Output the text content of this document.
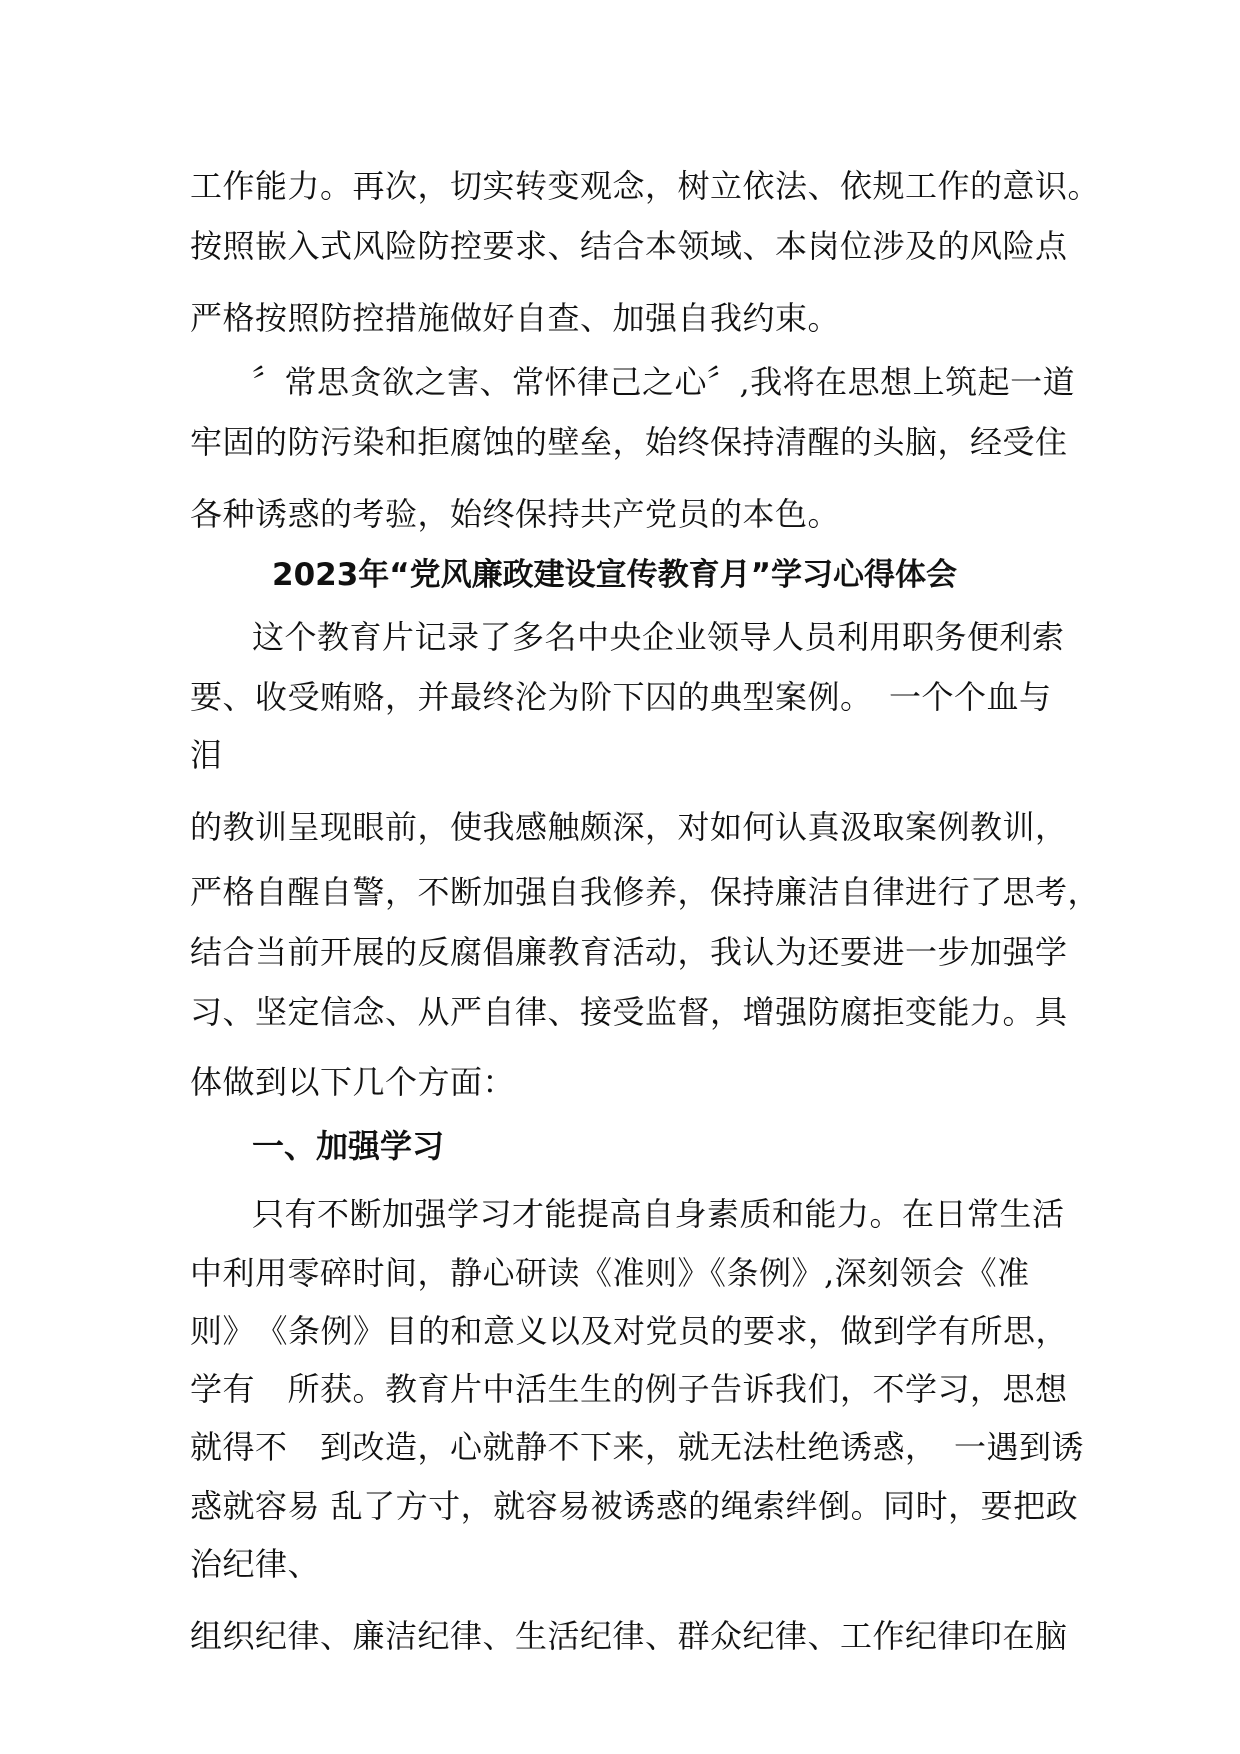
工作能力。再次，切实转变观念，树立依法、依规工作的意识。
按照嵌入式风险防控要求、结合本领域、本岗位涉及的风险点
严格按照防控措施做好自查、加强自我约束。
〞常思贪欲之害、常怀律己之心〞,我将在思想上筑起一道
牢固的防污染和拒腐蚀的壁垒，始终保持清醒的头脑，经受住
各种诱惑的考验，始终保持共产党员的本色。
2023年“党风廉政建设宣传教育月”学习心得体会
这个教育片记录了多名中央企业领导人员利用职务便利索
要、收受贿赂，并最终沦为阶下囚的典型案例。　一个个血与
泪
的教训呈现眼前，使我感触颇深，对如何认真汲取案例教训，
严格自醒自警，不断加强自我修养，保持廉洁自律进行了思考，
结合当前开展的反腐倡廉教育活动，我认为还要进一步加强学
习、坚定信念、从严自律、接受监督，增强防腐拒变能力。具
体做到以下几个方面：
一、加强学习
只有不断加强学习才能提高自身素质和能力。在日常生活
中利用零碎时间，静心研读《准则》《条例》,深刻领会《准
则》　《条例》目的和意义以及对党员的要求，做到学有所思，
学有　所获。教育片中活生生的例子告诉我们，不学习，思想
就得不　到改造，心就静不下来，就无法杜绝诱惑，　一遇到诱
惑就容易 乱了方寸，就容易被诱惑的绳索绊倒。同时，要把政
治纪律、
组织纪律、廉洁纪律、生活纪律、群众纪律、工作纪律印在脑
